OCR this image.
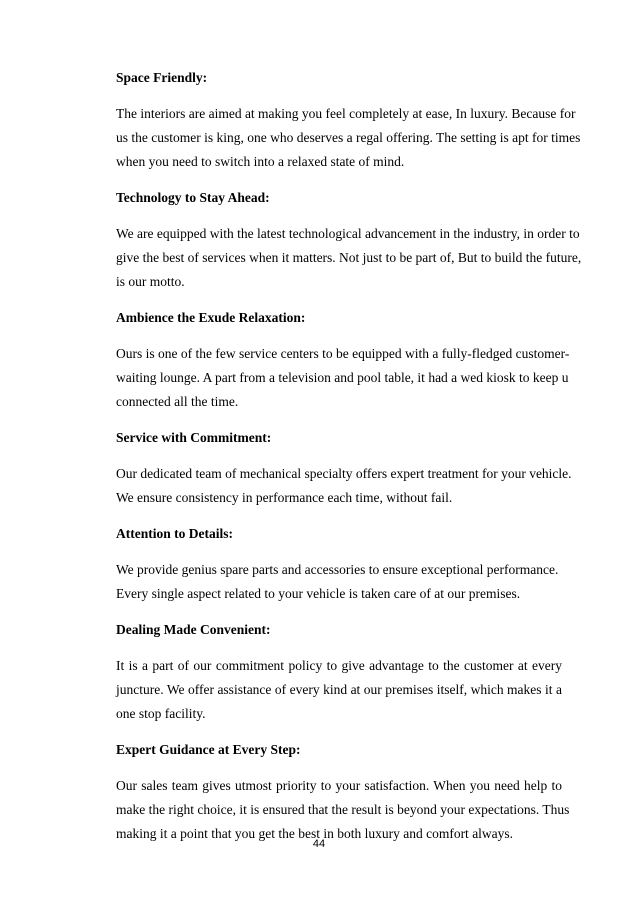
Space Friendly:
The interiors are aimed at making you feel completely at ease, In luxury. Because for
us the customer is king, one who deserves a regal offering. The setting is apt for times
when you need to switch into a relaxed state of mind.
Technology to Stay Ahead:
We are equipped with the latest technological advancement in the industry, in order to
give the best of services when it matters. Not just to be part of, But to build the future,
is our motto.
Ambience the Exude Relaxation:
Ours is one of the few service centers to be equipped with a fully-fledged customer-
waiting lounge. A part from a television and pool table, it had a wed kiosk to keep u
connected all the time.
Service with Commitment:
Our dedicated team of mechanical specialty offers expert treatment for your vehicle.
We ensure consistency in performance each time, without fail.
Attention to Details:
We provide genius spare parts and accessories to ensure exceptional performance.
Every single aspect related to your vehicle is taken care of at our premises.
Dealing Made Convenient:
It is a part of our commitment policy to give advantage to the customer at every
juncture. We offer assistance of every kind at our premises itself, which makes it a
one stop facility.
Expert Guidance at Every Step:
Our sales team gives utmost priority to your satisfaction. When you need help to
make the right choice, it is ensured that the result is beyond your expectations. Thus
making it a point that you get the best in both luxury and comfort always.
44
